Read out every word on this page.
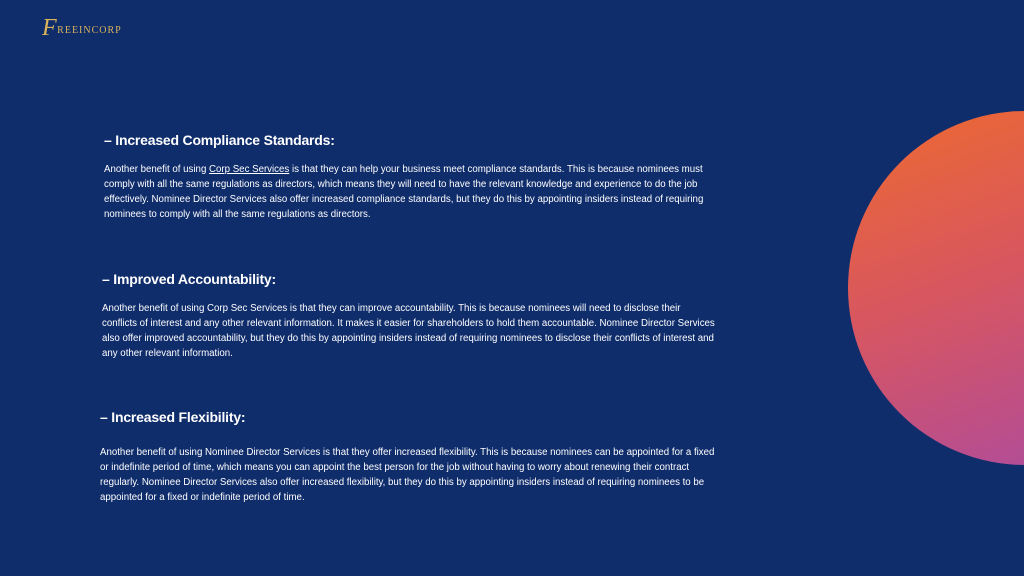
F REEINCORP
– Increased Compliance Standards:

Another benefit of using Corp Sec Services is that they can help your business meet compliance standards. This is because nominees must comply with all the same regulations as directors, which means they will need to have the relevant knowledge and experience to do the job effectively. Nominee Director Services also offer increased compliance standards, but they do this by appointing insiders instead of requiring nominees to comply with all the same regulations as directors.

– Improved Accountability:

Another benefit of using Corp Sec Services is that they can improve accountability. This is because nominees will need to disclose their conflicts of interest and any other relevant information. It makes it easier for shareholders to hold them accountable. Nominee Director Services also offer improved accountability, but they do this by appointing insiders instead of requiring nominees to disclose their conflicts of interest and any other relevant information.

– Increased Flexibility:

Another benefit of using Nominee Director Services is that they offer increased flexibility. This is because nominees can be appointed for a fixed or indefinite period of time, which means you can appoint the best person for the job without having to worry about renewing their contract regularly. Nominee Director Services also offer increased flexibility, but they do this by appointing insiders instead of requiring nominees to be appointed for a fixed or indefinite period of time.
